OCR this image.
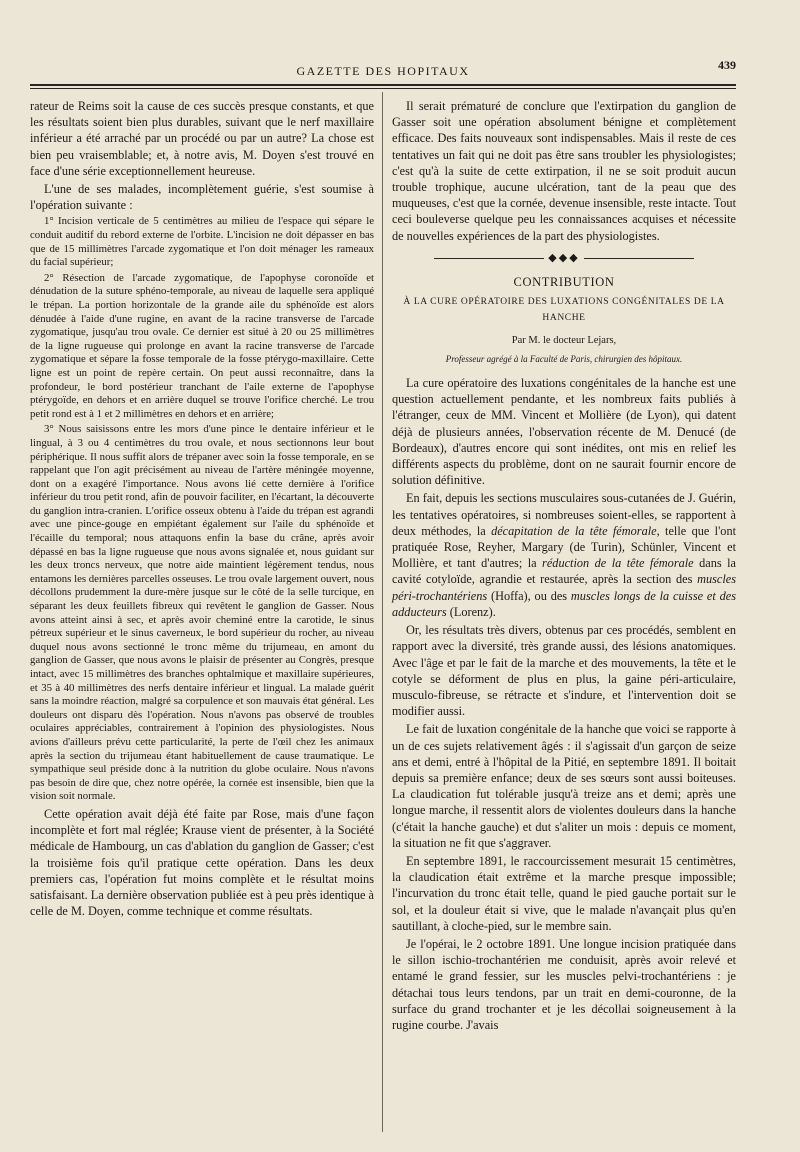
GAZETTE DES HOPITAUX	439

rateur de Reims soit la cause de ces succès presque constants, et que les résultats soient bien plus durables, suivant que le nerf maxillaire inférieur a été arraché par un procédé ou par un autre? La chose est bien peu vraisemblable; et, à notre avis, M. Doyen s'est trouvé en face d'une série exceptionnellement heureuse.

L'une de ses malades, incomplètement guérie, s'est soumise à l'opération suivante :

1° Incision verticale de 5 centimètres au milieu de l'espace qui sépare le conduit auditif du rebord externe de l'orbite. L'incision ne doit dépasser en bas que de 15 millimètres l'arcade zygomatique et l'on doit ménager les rameaux du facial supérieur;

2° Résection de l'arcade zygomatique, de l'apophyse coronoïde et dénudation de la suture sphéno-temporale, au niveau de laquelle sera appliqué le trépan. La portion horizontale de la grande aile du sphénoïde est alors dénudée à l'aide d'une rugine, en avant de la racine transverse de l'arcade zygomatique, jusqu'au trou ovale. Ce dernier est situé à 20 ou 25 millimètres de la ligne rugueuse qui prolonge en avant la racine transverse de l'arcade zygomatique et sépare la fosse temporale de la fosse ptérygo-maxillaire. Cette ligne est un point de repère certain. On peut aussi reconnaître, dans la profondeur, le bord postérieur tranchant de l'aile externe de l'apophyse ptérygoïde, en dehors et en arrière duquel se trouve l'orifice cherché. Le trou petit rond est à 1 et 2 millimètres en dehors et en arrière;

3° Nous saisissons entre les mors d'une pince le dentaire inférieur et le lingual, à 3 ou 4 centimètres du trou ovale, et nous sectionnons leur bout périphérique. Il nous suffit alors de trépaner avec soin la fosse temporale, en se rappelant que l'on agit précisément au niveau de l'artère méningée moyenne, dont on a exagéré l'importance. Nous avons lié cette dernière à l'orifice inférieur du trou petit rond, afin de pouvoir faciliter, en l'écartant, la découverte du ganglion intra-cranien. L'orifice osseux obtenu à l'aide du trépan est agrandi avec une pince-gouge en empiétant également sur l'aile du sphénoïde et l'écaille du temporal; nous attaquons enfin la base du crâne, après avoir dépassé en bas la ligne rugueuse que nous avons signalée et, nous guidant sur les deux troncs nerveux, que notre aide maintient légèrement tendus, nous entamons les dernières parcelles osseuses. Le trou ovale largement ouvert, nous décollons prudemment la dure-mère jusque sur le côté de la selle turcique, en séparant les deux feuillets fibreux qui revêtent le ganglion de Gasser. Nous avons atteint ainsi à sec, et après avoir cheminé entre la carotide, le sinus pétreux supérieur et le sinus caverneux, le bord supérieur du rocher, au niveau duquel nous avons sectionné le tronc même du trijumeau, en amont du ganglion de Gasser, que nous avons le plaisir de présenter au Congrès, presque intact, avec 15 millimètres des branches ophtalmique et maxillaire supérieures, et 35 à 40 millimètres des nerfs dentaire inférieur et lingual. La malade guérit sans la moindre réaction, malgré sa corpulence et son mauvais état général. Les douleurs ont disparu dès l'opération. Nous n'avons pas observé de troubles oculaires appréciables, contrairement à l'opinion des physiologistes. Nous avions d'ailleurs prévu cette particularité, la perte de l'œil chez les animaux après la section du trijumeau étant habituellement de cause traumatique. Le sympathique seul préside donc à la nutrition du globe oculaire. Nous n'avons pas besoin de dire que, chez notre opérée, la cornée est insensible, bien que la vision soit normale.

Cette opération avait déjà été faite par Rose, mais d'une façon incomplète et fort mal réglée; Krause vient de présenter, à la Société médicale de Hambourg, un cas d'ablation du ganglion de Gasser; c'est la troisième fois qu'il pratique cette opération. Dans les deux premiers cas, l'opération fut moins complète et le résultat moins satisfaisant. La dernière observation publiée est à peu près identique à celle de M. Doyen, comme technique et comme résultats.

Il serait prématuré de conclure que l'extirpation du ganglion de Gasser soit une opération absolument bénigne et complètement efficace. Des faits nouveaux sont indispensables. Mais il reste de ces tentatives un fait qui ne doit pas être sans troubler les physiologistes; c'est qu'à la suite de cette extirpation, il ne se soit produit aucun trouble trophique, aucune ulcération, tant de la peau que des muqueuses, c'est que la cornée, devenue insensible, reste intacte. Tout ceci bouleverse quelque peu les connaissances acquises et nécessite de nouvelles expériences de la part des physiologistes.

◆◆◆
CONTRIBUTION
À LA CURE OPÉRATOIRE DES LUXATIONS CONGÉNITALES DE LA HANCHE
Par M. le docteur Lejars,
Professeur agrégé à la Faculté de Paris, chirurgien des hôpitaux.

La cure opératoire des luxations congénitales de la hanche est une question actuellement pendante, et les nombreux faits publiés à l'étranger, ceux de MM. Vincent et Mollière (de Lyon), qui datent déjà de plusieurs années, l'observation récente de M. Denucé (de Bordeaux), d'autres encore qui sont inédites, ont mis en relief les différents aspects du problème, dont on ne saurait fournir encore de solution définitive.

En fait, depuis les sections musculaires sous-cutanées de J. Guérin, les tentatives opératoires, si nombreuses soient-elles, se rapportent à deux méthodes, la décapitation de la tête fémorale, telle que l'ont pratiquée Rose, Reyher, Margary (de Turin), Schünler, Vincent et Mollière, et tant d'autres; la réduction de la tête fémorale dans la cavité cotyloïde, agrandie et restaurée, après la section des muscles péri-trochantériens (Hoffa), ou des muscles longs de la cuisse et des adducteurs (Lorenz).

Or, les résultats très divers, obtenus par ces procédés, semblent en rapport avec la diversité, très grande aussi, des lésions anatomiques. Avec l'âge et par le fait de la marche et des mouvements, la tête et le cotyle se déforment de plus en plus, la gaine péri-articulaire, musculo-fibreuse, se rétracte et s'indure, et l'intervention doit se modifier aussi.

Le fait de luxation congénitale de la hanche que voici se rapporte à un de ces sujets relativement âgés : il s'agissait d'un garçon de seize ans et demi, entré à l'hôpital de la Pitié, en septembre 1891. Il boitait depuis sa première enfance; deux de ses sœurs sont aussi boiteuses. La claudication fut tolérable jusqu'à treize ans et demi; après une longue marche, il ressentit alors de violentes douleurs dans la hanche (c'était la hanche gauche) et dut s'aliter un mois : depuis ce moment, la situation ne fit que s'aggraver.

En septembre 1891, le raccourcissement mesurait 15 centimètres, la claudication était extrême et la marche presque impossible; l'incurvation du tronc était telle, quand le pied gauche portait sur le sol, et la douleur était si vive, que le malade n'avançait plus qu'en sautillant, à cloche-pied, sur le membre sain.

Je l'opérai, le 2 octobre 1891. Une longue incision pratiquée dans le sillon ischio-trochantérien me conduisit, après avoir relevé et entamé le grand fessier, sur les muscles pelvi-trochantériens : je détachai tous leurs tendons, par un trait en demi-couronne, de la surface du grand trochanter et je les décollai soigneusement à la rugine courbe. J'avais
